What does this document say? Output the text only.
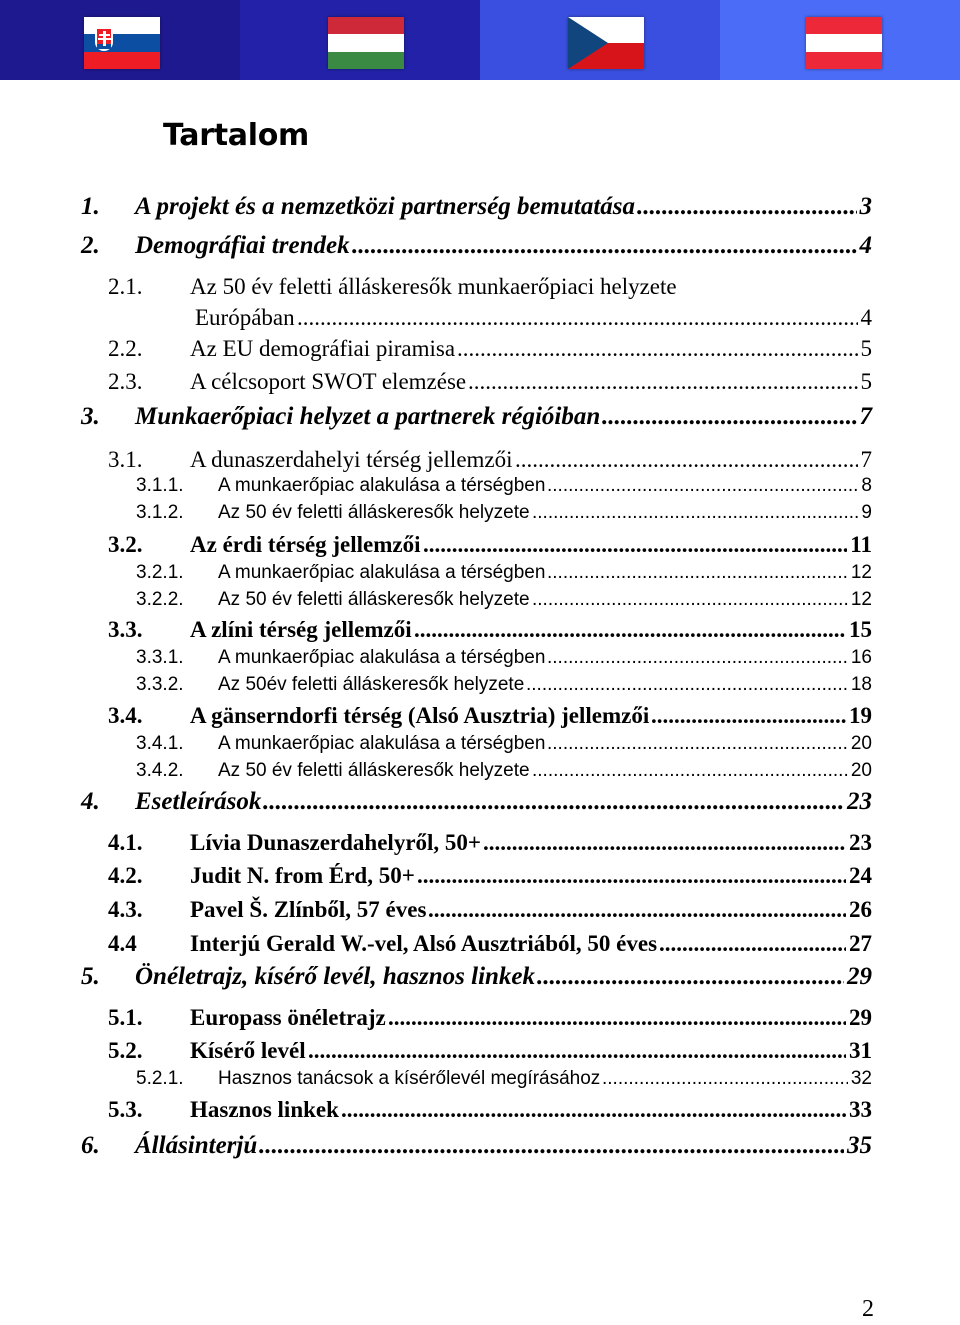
Tartalom
1. ..... A projekt és a nemzetközi partnerség bemutatása	3
2. ..... Demográfiai trendek	4
2.1. Az 50 év feletti álláskeresők munkaerőpiaci helyzete
.....
Európában	4
2.2. ..... Az EU demográfiai piramisa	5
2.3. ..... A célcsoport SWOT elemzése	5
3. ..... Munkaerőpiaci helyzet a partnerek régióiban	7
3.1. ..... A dunaszerdahelyi térség jellemzői	7
3.1.1. ..... A munkaerőpiac alakulása a térségben	8
3.1.2. ..... Az 50 év feletti álláskeresők helyzete	9
3.2. ..... Az érdi térség jellemzői	11
3.2.1. ..... A munkaerőpiac alakulása a térségben	12
3.2.2. ..... Az 50 év feletti álláskeresők helyzete	12
3.3. ..... A zlíni térség jellemzői	15
3.3.1. ..... A munkaerőpiac alakulása a térségben	16
3.3.2. ..... Az 50év feletti álláskeresők helyzete	18
3.4. ..... A gänserndorfi térség (Alsó Ausztria) jellemzői	19
3.4.1. ..... A munkaerőpiac alakulása a térségben	20
3.4.2. ..... Az 50 év feletti álláskeresők helyzete	20
4. ..... Esetleírások	23
4.1. ..... Lívia Dunaszerdahelyről, 50+	23
4.2. ..... Judit N. from Érd, 50+	24
4.3. ..... Pavel Š. Zlínből, 57 éves	26
4.4 ..... Interjú Gerald W.-vel, Alsó Ausztriából, 50 éves	27
5. ..... Önéletrajz, kísérő levél, hasznos linkek	29
5.1. ..... Europass önéletrajz	29
5.2. ..... Kísérő levél	31
5.2.1. ..... Hasznos tanácsok a kísérőlevél megírásához	32
5.3. ..... Hasznos linkek	33
6. ..... Állásinterjú	35
2
